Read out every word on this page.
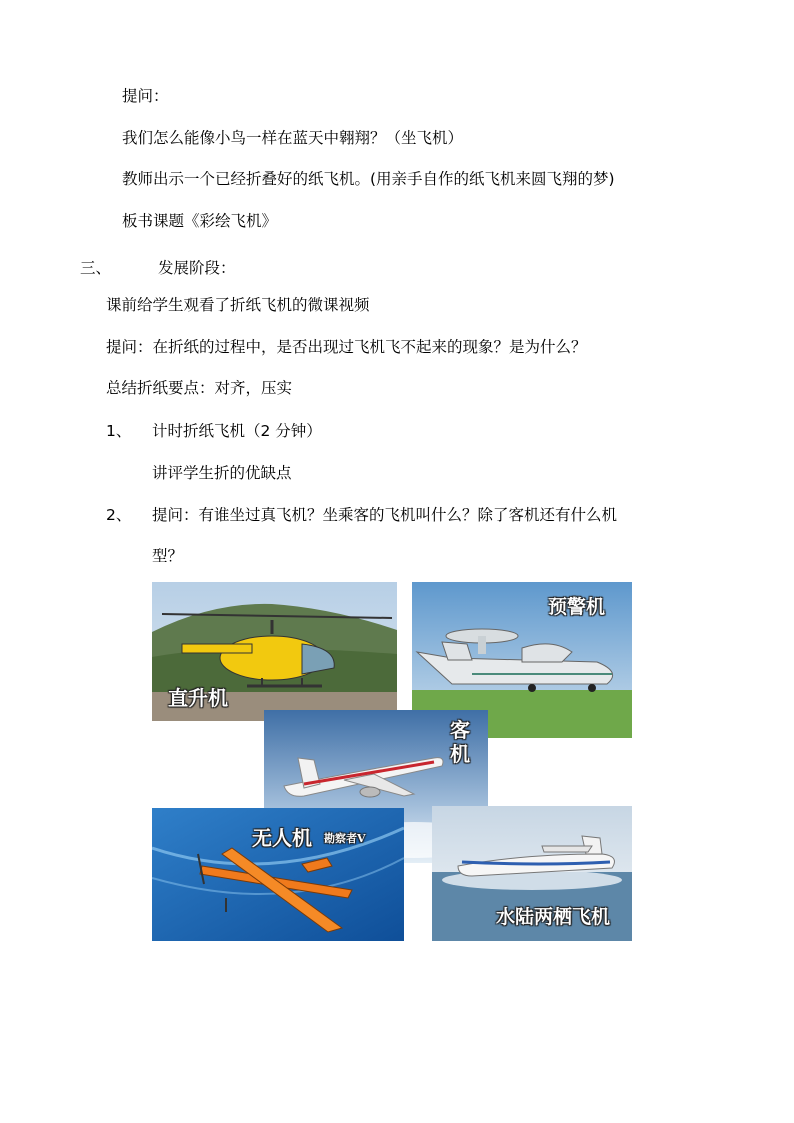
提问：
我们怎么能像小鸟一样在蓝天中翱翔？（坐飞机）
教师出示一个已经折叠好的纸飞机。(用亲手自作的纸飞机来圆飞翔的梦)
板书课题《彩绘飞机》
三、	发展阶段：
课前给学生观看了折纸飞机的微课视频
提问：在折纸的过程中，是否出现过飞机飞不起来的现象？是为什么？
总结折纸要点：对齐，压实
1、 计时折纸飞机（2 分钟）
讲评学生折的优缺点
2、 提问：有谁坐过真飞机？坐乘客的飞机叫什么？除了客机还有什么机
型？
直升机
预警机
客
机
无人机 勘察者V
水陆两栖飞机
